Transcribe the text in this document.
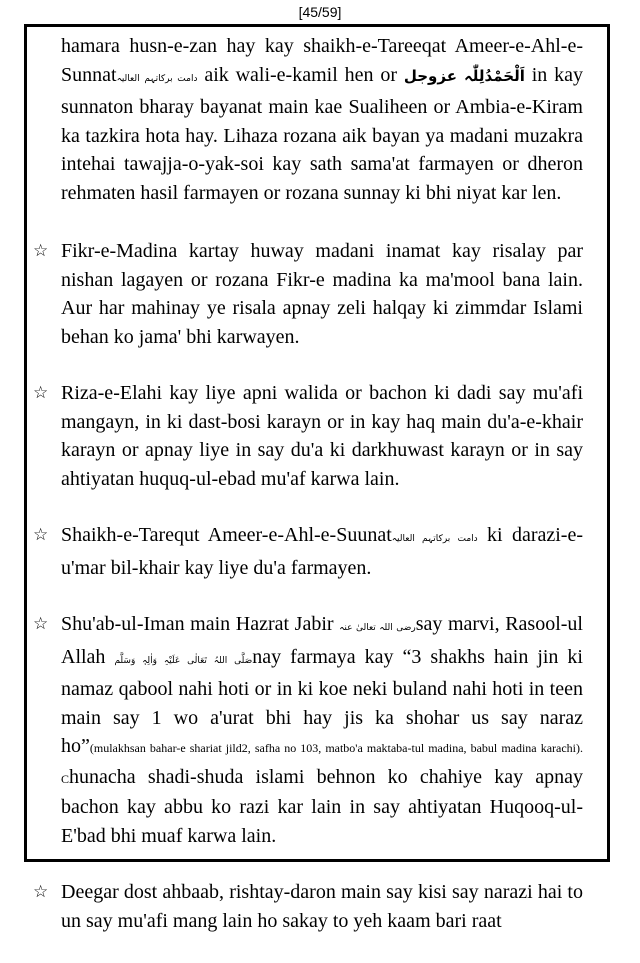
[45/59]

hamara husn-e-zan hay kay shaikh-e-Tareeqat Ameer-e-Ahl-e-Sunnatدامت برکاتہم العالیہ aik wali-e-kamil hen or اَلْحَمْدُلِلّٰہ عزوجل in kay sunnaton bharay bayanat main kae Sualiheen or Ambia-e-Kiram ka tazkira hota hay. Lihaza rozana aik bayan ya madani muzakra intehai tawajja-o-yak-soi kay sath sama'at farmayen or dheron rehmaten hasil farmayen or rozana sunnay ki bhi niyat kar len.

☆ Fikr-e-Madina kartay huway madani inamat kay risalay par nishan lagayen or rozana Fikr-e madina ka ma'mool bana lain. Aur har mahinay ye risala apnay zeli halqay ki zimmdar Islami behan ko jama' bhi karwayen.

☆ Riza-e-Elahi kay liye apni walida or bachon ki dadi say mu'afi mangayn, in ki dast-bosi karayn or in kay haq main du'a-e-khair karayn or apnay liye in say du'a ki darkhuwast karayn or in say ahtiyatan huquq-ul-ebad mu'af karwa lain.

☆ Shaikh-e-Tarequt Ameer-e-Ahl-e-Suunatدامت برکاتہم العالیہ ki darazi-e-u'mar bil-khair kay liye du'a farmayen.

☆ Shu'ab-ul-Iman main Hazrat Jabir رضی اللہ تعالیٰ عنہsay marvi, Rasool-ul Allah صَلَّی اللہُ تَعَالٰی عَلَیْہِ وَاٰلِہٖ وَسَلَّمnay farmaya kay “3 shakhs hain jin ki namaz qabool nahi hoti or in ki koe neki buland nahi hoti in teen main say 1 wo a'urat bhi hay jis ka shohar us say naraz ho”(mulakhsan bahar-e shariat jild2, safha no 103, matbo'a maktaba-tul madina, babul madina karachi). Chunacha shadi-shuda islami behnon ko chahiye kay apnay bachon kay abbu ko razi kar lain in say ahtiyatan Huqooq-ul-E'bad bhi muaf karwa lain.

☆ Deegar dost ahbaab, rishtay-daron main say kisi say narazi hai to un say mu'afi mang lain ho sakay to yeh kaam bari raat
